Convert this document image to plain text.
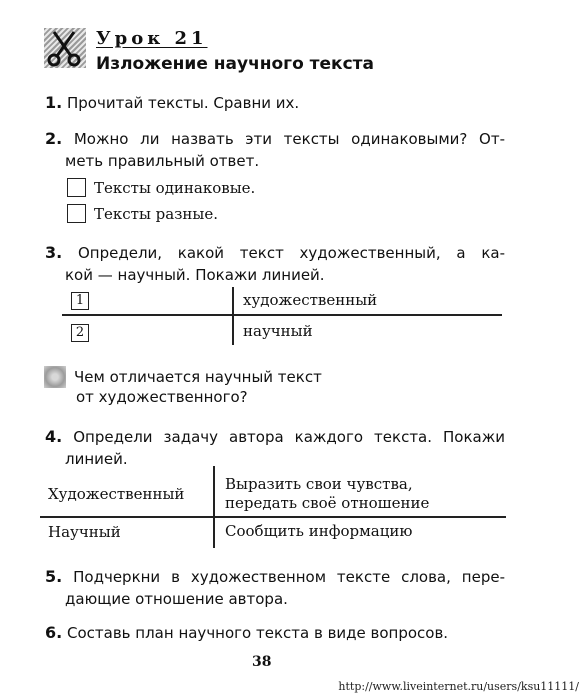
Урок 21
Изложение научного текста
1. Прочитай тексты. Сравни их.
2. Можно ли назвать эти тексты одинаковыми? От-
меть правильный ответ.
Тексты одинаковые.
Тексты разные.
3. Определи, какой текст художественный, а ка-
кой — научный. Покажи линией.
1	художественный
2	научный
Чем отличается научный текст
от художественного?
4. Определи задачу автора каждого текста. Покажи
линией.
Художественный
Научный
Выразить свои чувства,
передать своё отношение
Сообщить информацию
5. Подчеркни в художественном тексте слова, пере-
дающие отношение автора.
6. Составь план научного текста в виде вопросов.
38
http://www.liveinternet.ru/users/ksu11111/
